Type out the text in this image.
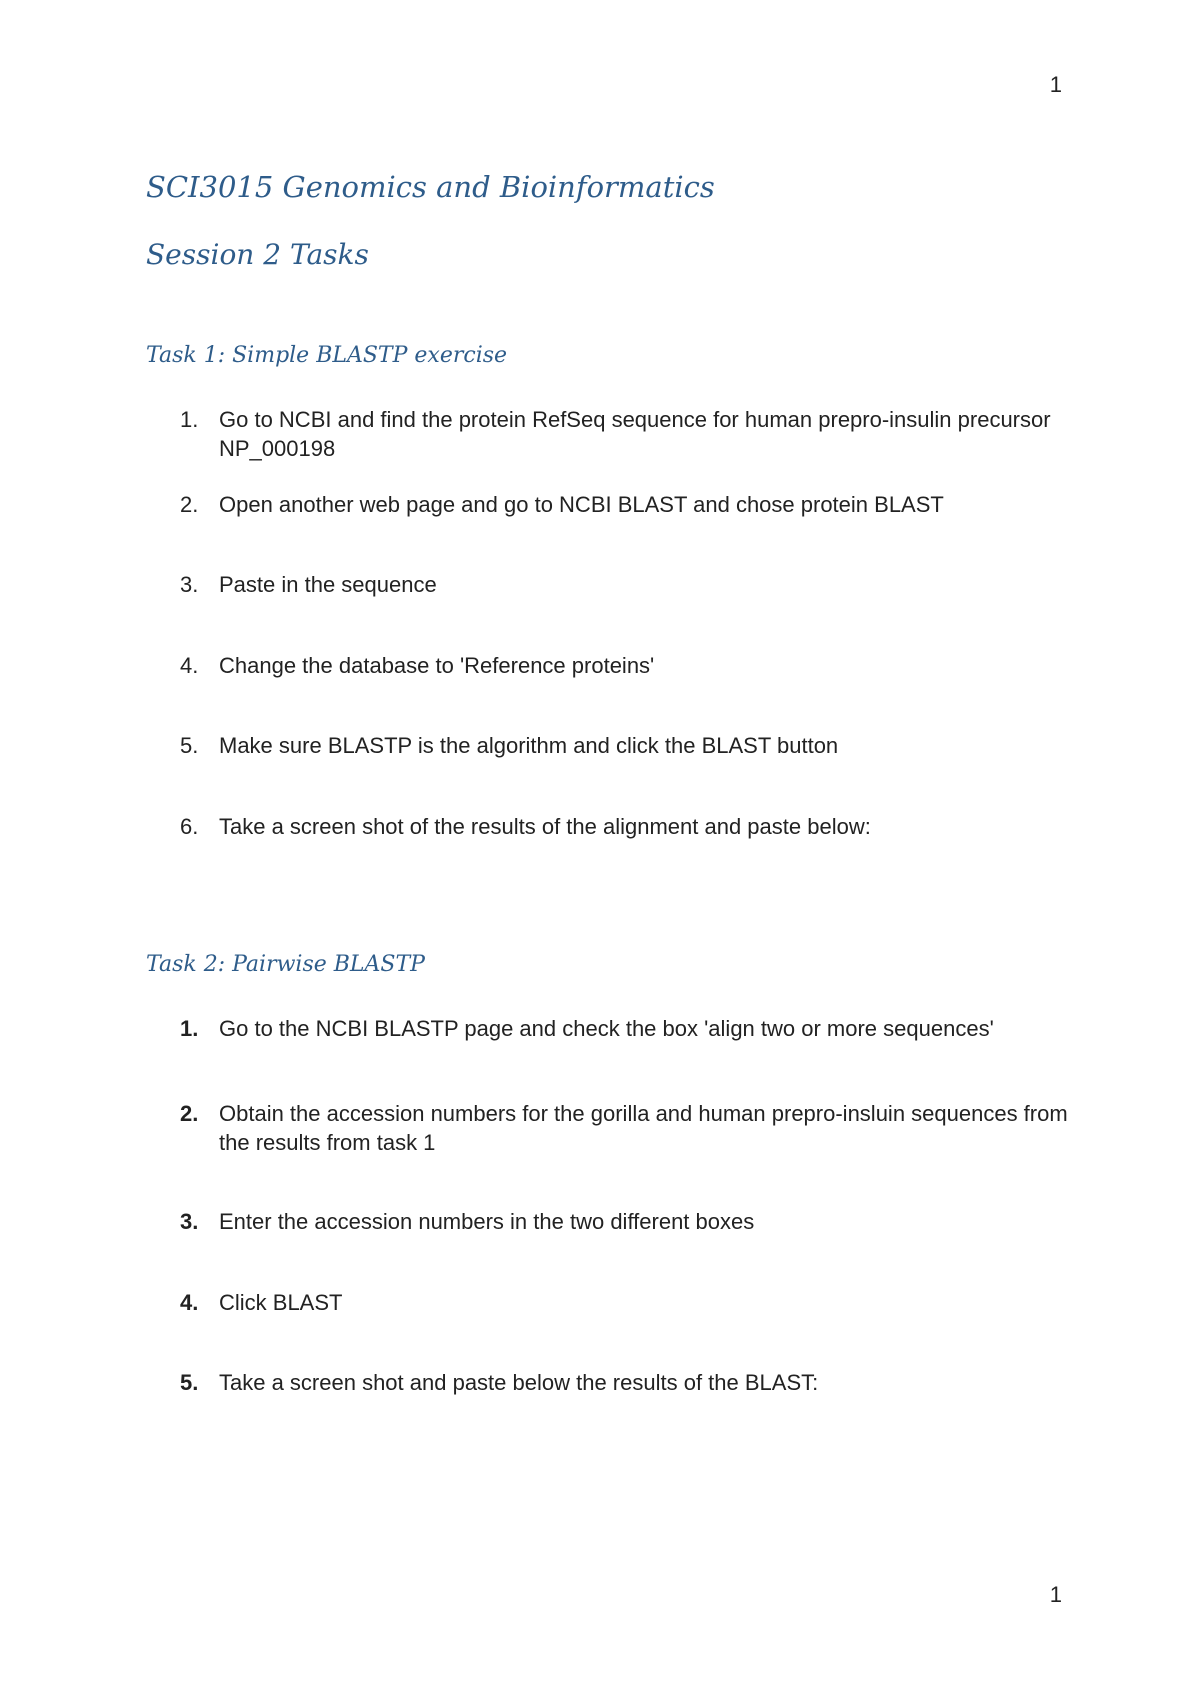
1
SCI3015 Genomics and Bioinformatics
Session 2 Tasks
Task 1: Simple BLASTP exercise
1. Go to NCBI and find the protein RefSeq sequence for human prepro-insulin precursor NP_000198
2. Open another web page and go to NCBI BLAST and chose protein BLAST
3. Paste in the sequence
4. Change the database to 'Reference proteins'
5. Make sure BLASTP is the algorithm and click the BLAST button
6. Take a screen shot of the results of the alignment and paste below:
Task 2: Pairwise BLASTP
1. Go to the NCBI BLASTP page and check the box 'align two or more sequences'
2. Obtain the accession numbers for the gorilla and human prepro-insluin sequences from the results from task 1
3. Enter the accession numbers in the two different boxes
4. Click BLAST
5. Take a screen shot and paste below the results of the BLAST:
1
